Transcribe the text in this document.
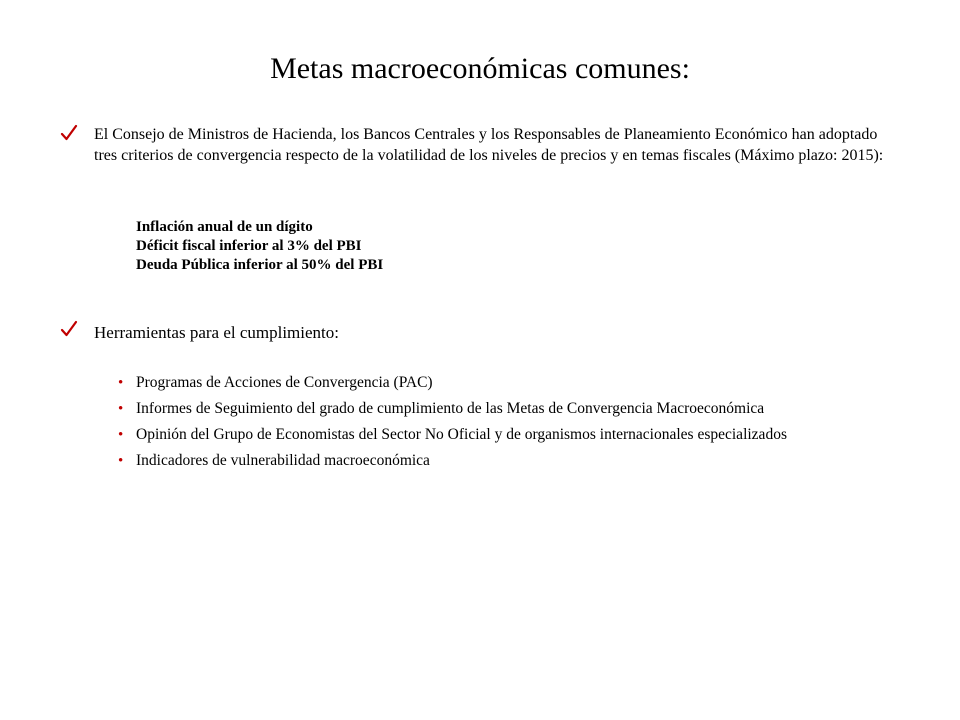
Metas macroeconómicas comunes:
El Consejo de Ministros de Hacienda, los Bancos Centrales y los Responsables de Planeamiento Económico han adoptado tres criterios de convergencia respecto de la volatilidad de los niveles de precios y en temas fiscales (Máximo plazo: 2015):
Inflación anual de un dígito
Déficit fiscal inferior al 3% del PBI
Deuda Pública inferior al 50% del PBI
Herramientas para el cumplimiento:
• Programas de Acciones de Convergencia (PAC)
• Informes de Seguimiento del grado de cumplimiento de las Metas de Convergencia Macroeconómica
• Opinión del Grupo de Economistas del Sector No Oficial y de organismos internacionales especializados
• Indicadores de vulnerabilidad macroeconómica
